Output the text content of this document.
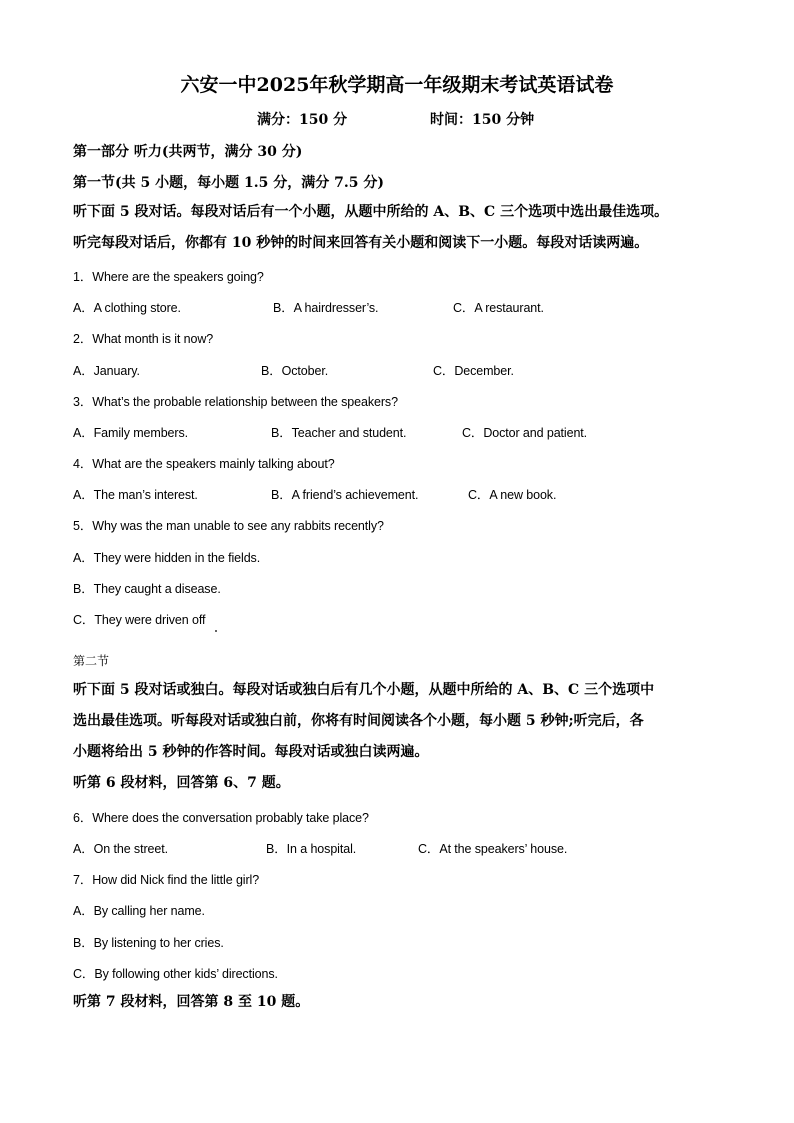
六安一中2025年秋学期高一年级期末考试英语试卷
满分：150 分	时间：150 分钟
第一部分 听力(共两节，满分 30 分)
第一节(共 5 小题，每小题 1.5 分，满分 7.5 分)
听下面 5 段对话。每段对话后有一个小题，从题中所给的 A、B、C 三个选项中选出最佳选项。
听完每段对话后，你都有 10 秒钟的时间来回答有关小题和阅读下一小题。每段对话读两遍。
1．Where are the speakers going?
A．A clothing store.	B．A hairdresser’s.	C．A restaurant.
2．What month is it now?
A．January.	B．October.	C．December.
3．What’s the probable relationship between the speakers?
A．Family members.	B．Teacher and student.	C．Doctor and patient.
4．What are the speakers mainly talking about?
A．The man’s interest.	B．A friend’s achievement.	C．A new book.
5．Why was the man unable to see any rabbits recently?
A．They were hidden in the fields.
B．They caught a disease.
C．They were driven off
第二节
听下面 5 段对话或独白。每段对话或独白后有几个小题，从题中所给的 A、B、C 三个选项中
选出最佳选项。听每段对话或独白前，你将有时间阅读各个小题，每小题 5 秒钟;听完后，各
小题将给出 5 秒钟的作答时间。每段对话或独白读两遍。
听第 6 段材料，回答第 6、7 题。
6．Where does the conversation probably take place?
A．On the street.	B．In a hospital.	C．At the speakers’ house.
7．How did Nick find the little girl?
A．By calling her name.
B．By listening to her cries.
C．By following other kids’ directions.
听第 7 段材料，回答第 8 至 10 题。
